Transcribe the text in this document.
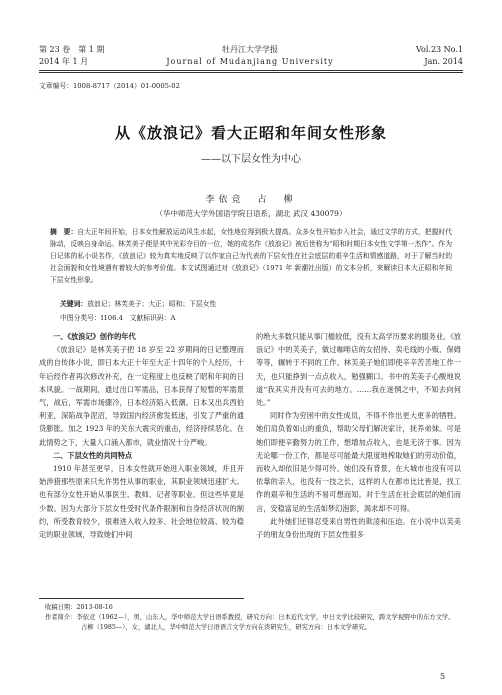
第 23 卷　第 1 期
2014 年 1 月
牡丹江大学学报
Journal of Mudanjiang University
Vol.23 No.1
Jan. 2014
文章编号：1008-8717（2014）01-0005-02
从《放浪记》看大正昭和年间女性形象
——以下层女性为中心
李依竞　占　柳
（华中师范大学外国语学院日语系，湖北 武汉 430079）
摘　要：自大正年间开始，日本女性解放运动风生水起，女性地位得到极大提高。众多女性开始步入社会，通过文学的方式，把握时代脉动，反映自身命运。林芙美子便是其中光彩夺目的一位，她的成名作《放浪记》被后世称为“昭和时期日本女性文学第一杰作”。作为日记体的私小说名作，《放浪记》较为真实地反映了以作家自己为代表的下层女性在社会底层的艰辛生活和情感道路，对于了解当时的社会面貌和女性境遇有着较大的参考价值。本文试图通过对《放浪记》（1971 年 新潮社出版）的文本分析，来解读日本大正昭和年间下层女性形象。
关键词：放浪记；林芙美子；大正；昭和；下层女性
中图分类号：I106.4　文献标识码：A

一、《放浪记》创作的年代

《放浪记》是林芙美子把 18 岁至 22 岁期间的日记整理而成的自传体小说，即日本大正十年至大正十四年的个人经历，十年后经作者再次修改补充，在一定程度上也反映了昭和年间的日本风貌。一战期间，通过出口军需品，日本获得了短暂的军需景气，战后，军需市场骤冷，日本经济陷入低潮。日本又出兵西伯利亚，深陷战争泥沼，导致国内经济愈发低迷，引发了严重的通货膨胀。加之 1923 年的关东大震灾的重击，经济持续恶化。在此情势之下，大量人口涌入都市，就业情况十分严峻。

二、下层女性的共同特点

1910 年甚至更早，日本女性就开始进入职业领域，并且开始涉猎那些原来只允许男性从事的职业，其职业领域迅速扩大。也有部分女性开始从事医生、教师、记者等职业。但这些毕竟是少数。因为大部分下层女性受时代条件限制和自身经济状况的制约，所受教育较少，很难进入收入较多、社会地位较高、较为稳定的职业领域，导致她们中间

的绝大多数只能从事门槛较低，没有太高学历要求的服务业。《放浪记》中的芙美子，做过咖啡店的女招待、卖毛线的小贩、保姆等等，辗转于不同的工作。林芙美子她们即使辛辛苦苦地工作一天，也只能挣到一点点收入，勉强糊口。书中的芙美子心酸地说道“我其实并没有可去的地方。……我在迷惘之中，不知去向何处。”

同时作为穷困中的女性成员，不得不作出更大更多的牺牲。她们肩负着如山的重负，帮助父母们解决家计，抚养弟妹。可是她们即便辛勤努力的工作，想增加点收入，也是无济于事。因为无论哪一份工作，都是尽可能最大限度地榨取她们的劳动价值，而收入却依旧是少得可怜。她们没有背景，在大城市也没有可以依靠的亲人，也没有一技之长，这样的人在都市比比皆是，找工作的艰辛和生活的不易可想而知。对于生活在社会底层的她们而言，安稳富足的生活如梦幻泡影，渴求却不可得。

此外她们还得忍受来自男性的欺凌和压迫。在小说中以芙美子的朋友身份出现的下层女性很多

收稿日期：2013-08-16
作者简介：李依竞（1962—），男，山东人，华中师范大学日语系教授，研究方向：日本近代文学，中日文学比较研究，跨文学视野中的东方文学。
占柳（1985—），女，湖北人，华中师范大学日语语言文学方向在读研究生，研究方向：日本文学研究。
5
